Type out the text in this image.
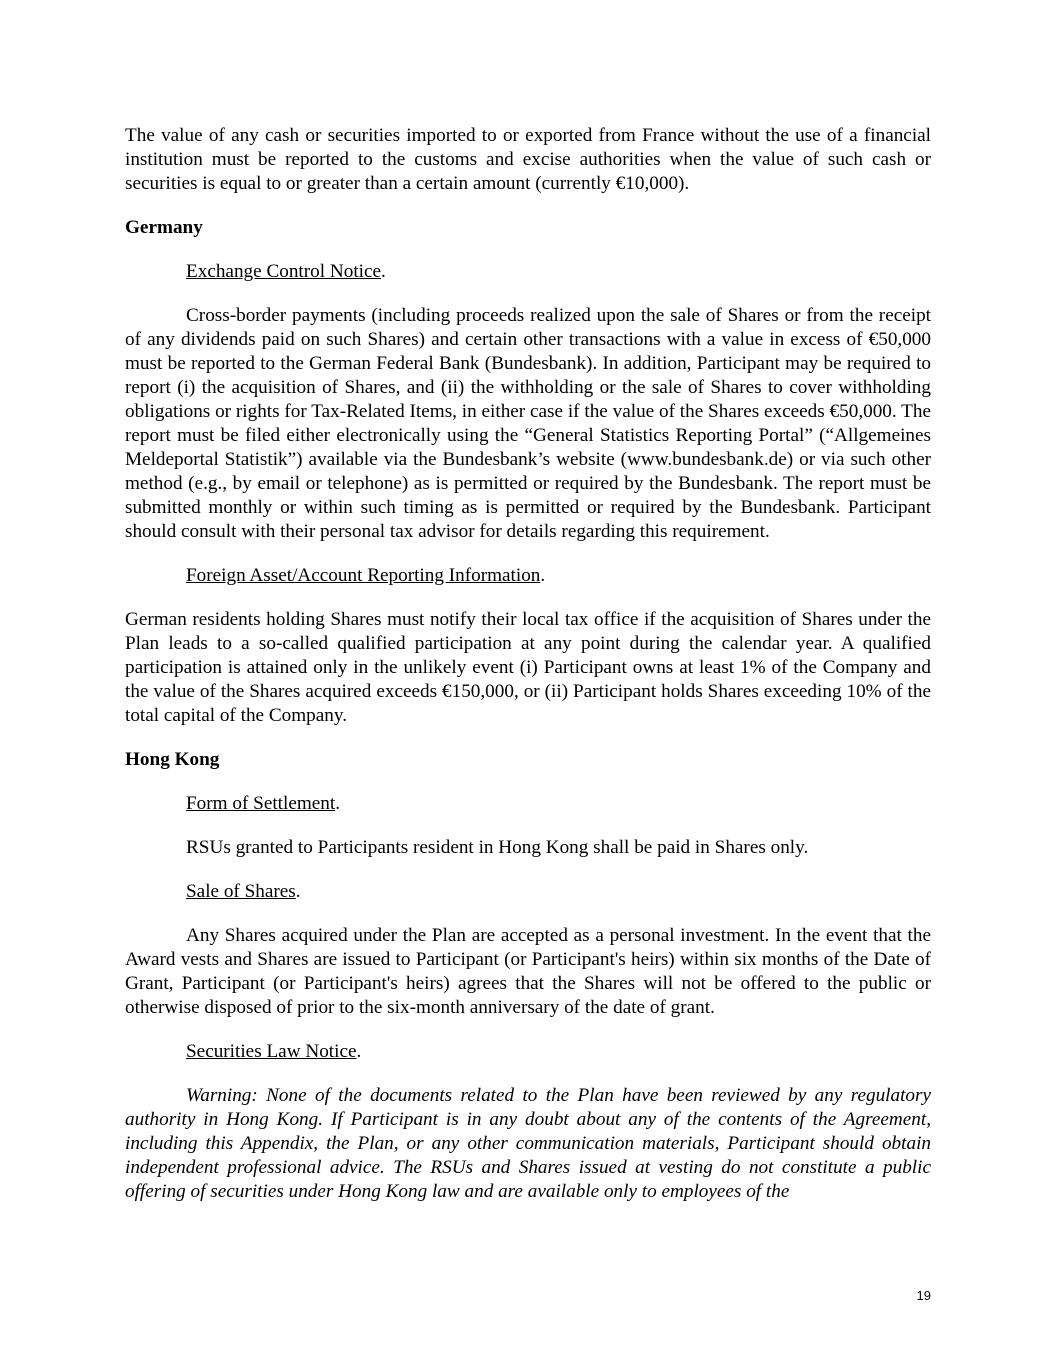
The value of any cash or securities imported to or exported from France without the use of a financial institution must be reported to the customs and excise authorities when the value of such cash or securities is equal to or greater than a certain amount (currently €10,000).

Germany

Exchange Control Notice.

Cross-border payments (including proceeds realized upon the sale of Shares or from the receipt of any dividends paid on such Shares) and certain other transactions with a value in excess of €50,000 must be reported to the German Federal Bank (Bundesbank). In addition, Participant may be required to report (i) the acquisition of Shares, and (ii) the withholding or the sale of Shares to cover withholding obligations or rights for Tax-Related Items, in either case if the value of the Shares exceeds €50,000. The report must be filed either electronically using the “General Statistics Reporting Portal” (“Allgemeines Meldeportal Statistik”) available via the Bundesbank’s website (www.bundesbank.de) or via such other method (e.g., by email or telephone) as is permitted or required by the Bundesbank. The report must be submitted monthly or within such timing as is permitted or required by the Bundesbank. Participant should consult with their personal tax advisor for details regarding this requirement.

Foreign Asset/Account Reporting Information.

German residents holding Shares must notify their local tax office if the acquisition of Shares under the Plan leads to a so-called qualified participation at any point during the calendar year. A qualified participation is attained only in the unlikely event (i) Participant owns at least 1% of the Company and the value of the Shares acquired exceeds €150,000, or (ii) Participant holds Shares exceeding 10% of the total capital of the Company.

Hong Kong

Form of Settlement.

RSUs granted to Participants resident in Hong Kong shall be paid in Shares only.

Sale of Shares.

Any Shares acquired under the Plan are accepted as a personal investment. In the event that the Award vests and Shares are issued to Participant (or Participant's heirs) within six months of the Date of Grant, Participant (or Participant's heirs) agrees that the Shares will not be offered to the public or otherwise disposed of prior to the six-month anniversary of the date of grant.

Securities Law Notice.

Warning: None of the documents related to the Plan have been reviewed by any regulatory authority in Hong Kong. If Participant is in any doubt about any of the contents of the Agreement, including this Appendix, the Plan, or any other communication materials, Participant should obtain independent professional advice. The RSUs and Shares issued at vesting do not constitute a public offering of securities under Hong Kong law and are available only to employees of the

19
